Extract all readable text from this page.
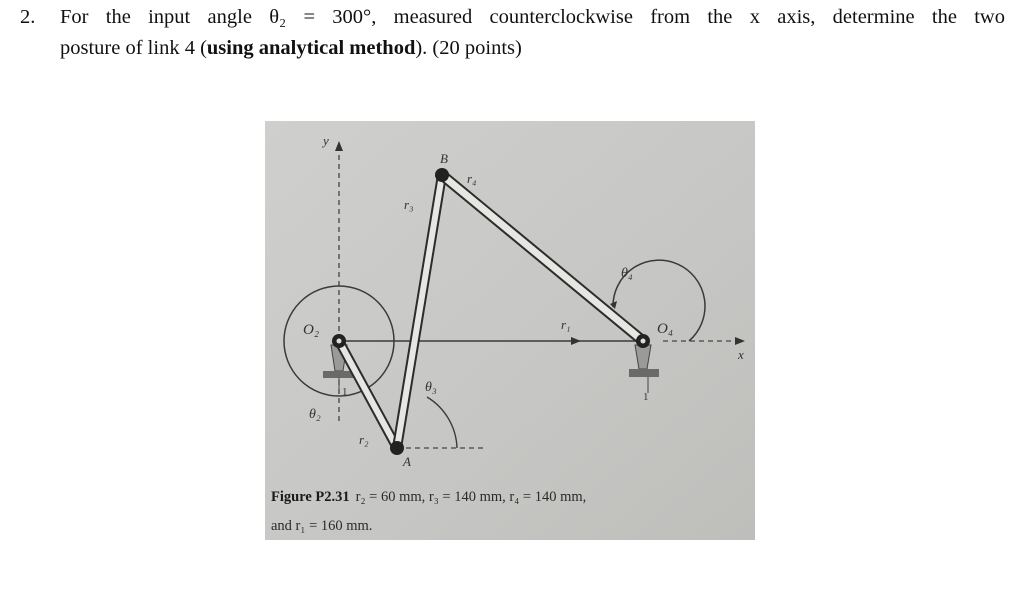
2. For the input angle θ₂ = 300°, measured counterclockwise from the x axis, determine the two
posture of link 4 (using analytical method). (20 points)
y
x
r₁
O₂
θ₂
1
θ₄
O₄
1
θ₃
r₂
r₃
r₄
B
A
Figure P2.31 r₂ = 60 mm, r₃ = 140 mm, r₄ = 140 mm,
and r₁ = 160 mm.
